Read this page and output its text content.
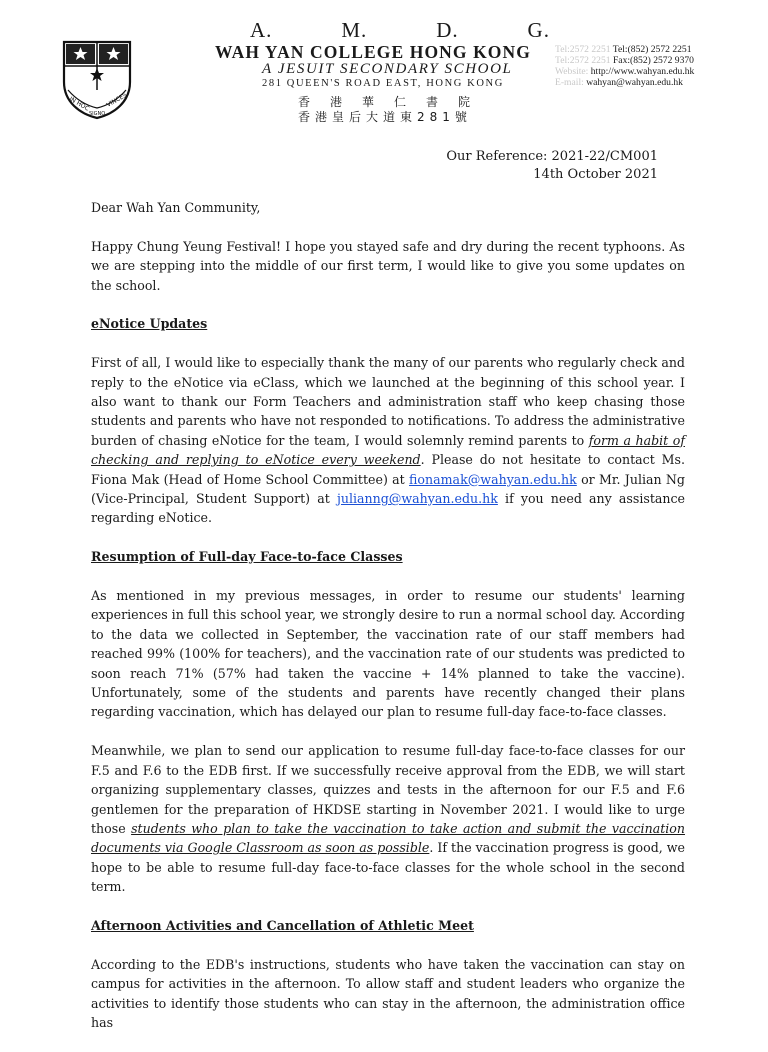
IN HOC	VINCES
SIGNO
A.	M.	D.	G.
WAH YAN COLLEGE HONG KONG
A JESUIT SECONDARY SCHOOL
281 QUEEN'S ROAD EAST, HONG KONG
香港華仁書院
香港皇后大道東281號
Tel:2572 2251 Tel:(852) 2572 2251
Tel:2572 2251 Fax:(852) 2572 9370
Website: http://www.wahyan.edu.hk
E-mail: wahyan@wahyan.edu.hk
Our Reference: 2021-22/CM001
14th October 2021

Dear Wah Yan Community,

Happy Chung Yeung Festival! I hope you stayed safe and dry during the recent typhoons. As we are stepping into the middle of our first term, I would like to give you some updates on the school.

eNotice Updates

First of all, I would like to especially thank the many of our parents who regularly check and reply to the eNotice via eClass, which we launched at the beginning of this school year. I also want to thank our Form Teachers and administration staff who keep chasing those students and parents who have not responded to notifications. To address the administrative burden of chasing eNotice for the team, I would solemnly remind parents to form a habit of checking and replying to eNotice every weekend. Please do not hesitate to contact Ms. Fiona Mak (Head of Home School Committee) at fionamak@wahyan.edu.hk or Mr. Julian Ng (Vice-Principal, Student Support) at julianng@wahyan.edu.hk if you need any assistance regarding eNotice.

Resumption of Full-day Face-to-face Classes

As mentioned in my previous messages, in order to resume our students' learning experiences in full this school year, we strongly desire to run a normal school day. According to the data we collected in September, the vaccination rate of our staff members had reached 99% (100% for teachers), and the vaccination rate of our students was predicted to soon reach 71% (57% had taken the vaccine + 14% planned to take the vaccine). Unfortunately, some of the students and parents have recently changed their plans regarding vaccination, which has delayed our plan to resume full-day face-to-face classes.

Meanwhile, we plan to send our application to resume full-day face-to-face classes for our F.5 and F.6 to the EDB first. If we successfully receive approval from the EDB, we will start organizing supplementary classes, quizzes and tests in the afternoon for our F.5 and F.6 gentlemen for the preparation of HKDSE starting in November 2021. I would like to urge those students who plan to take the vaccination to take action and submit the vaccination documents via Google Classroom as soon as possible. If the vaccination progress is good, we hope to be able to resume full-day face-to-face classes for the whole school in the second term.

Afternoon Activities and Cancellation of Athletic Meet

According to the EDB's instructions, students who have taken the vaccination can stay on campus for activities in the afternoon. To allow staff and student leaders who organize the activities to identify those students who can stay in the afternoon, the administration office has
